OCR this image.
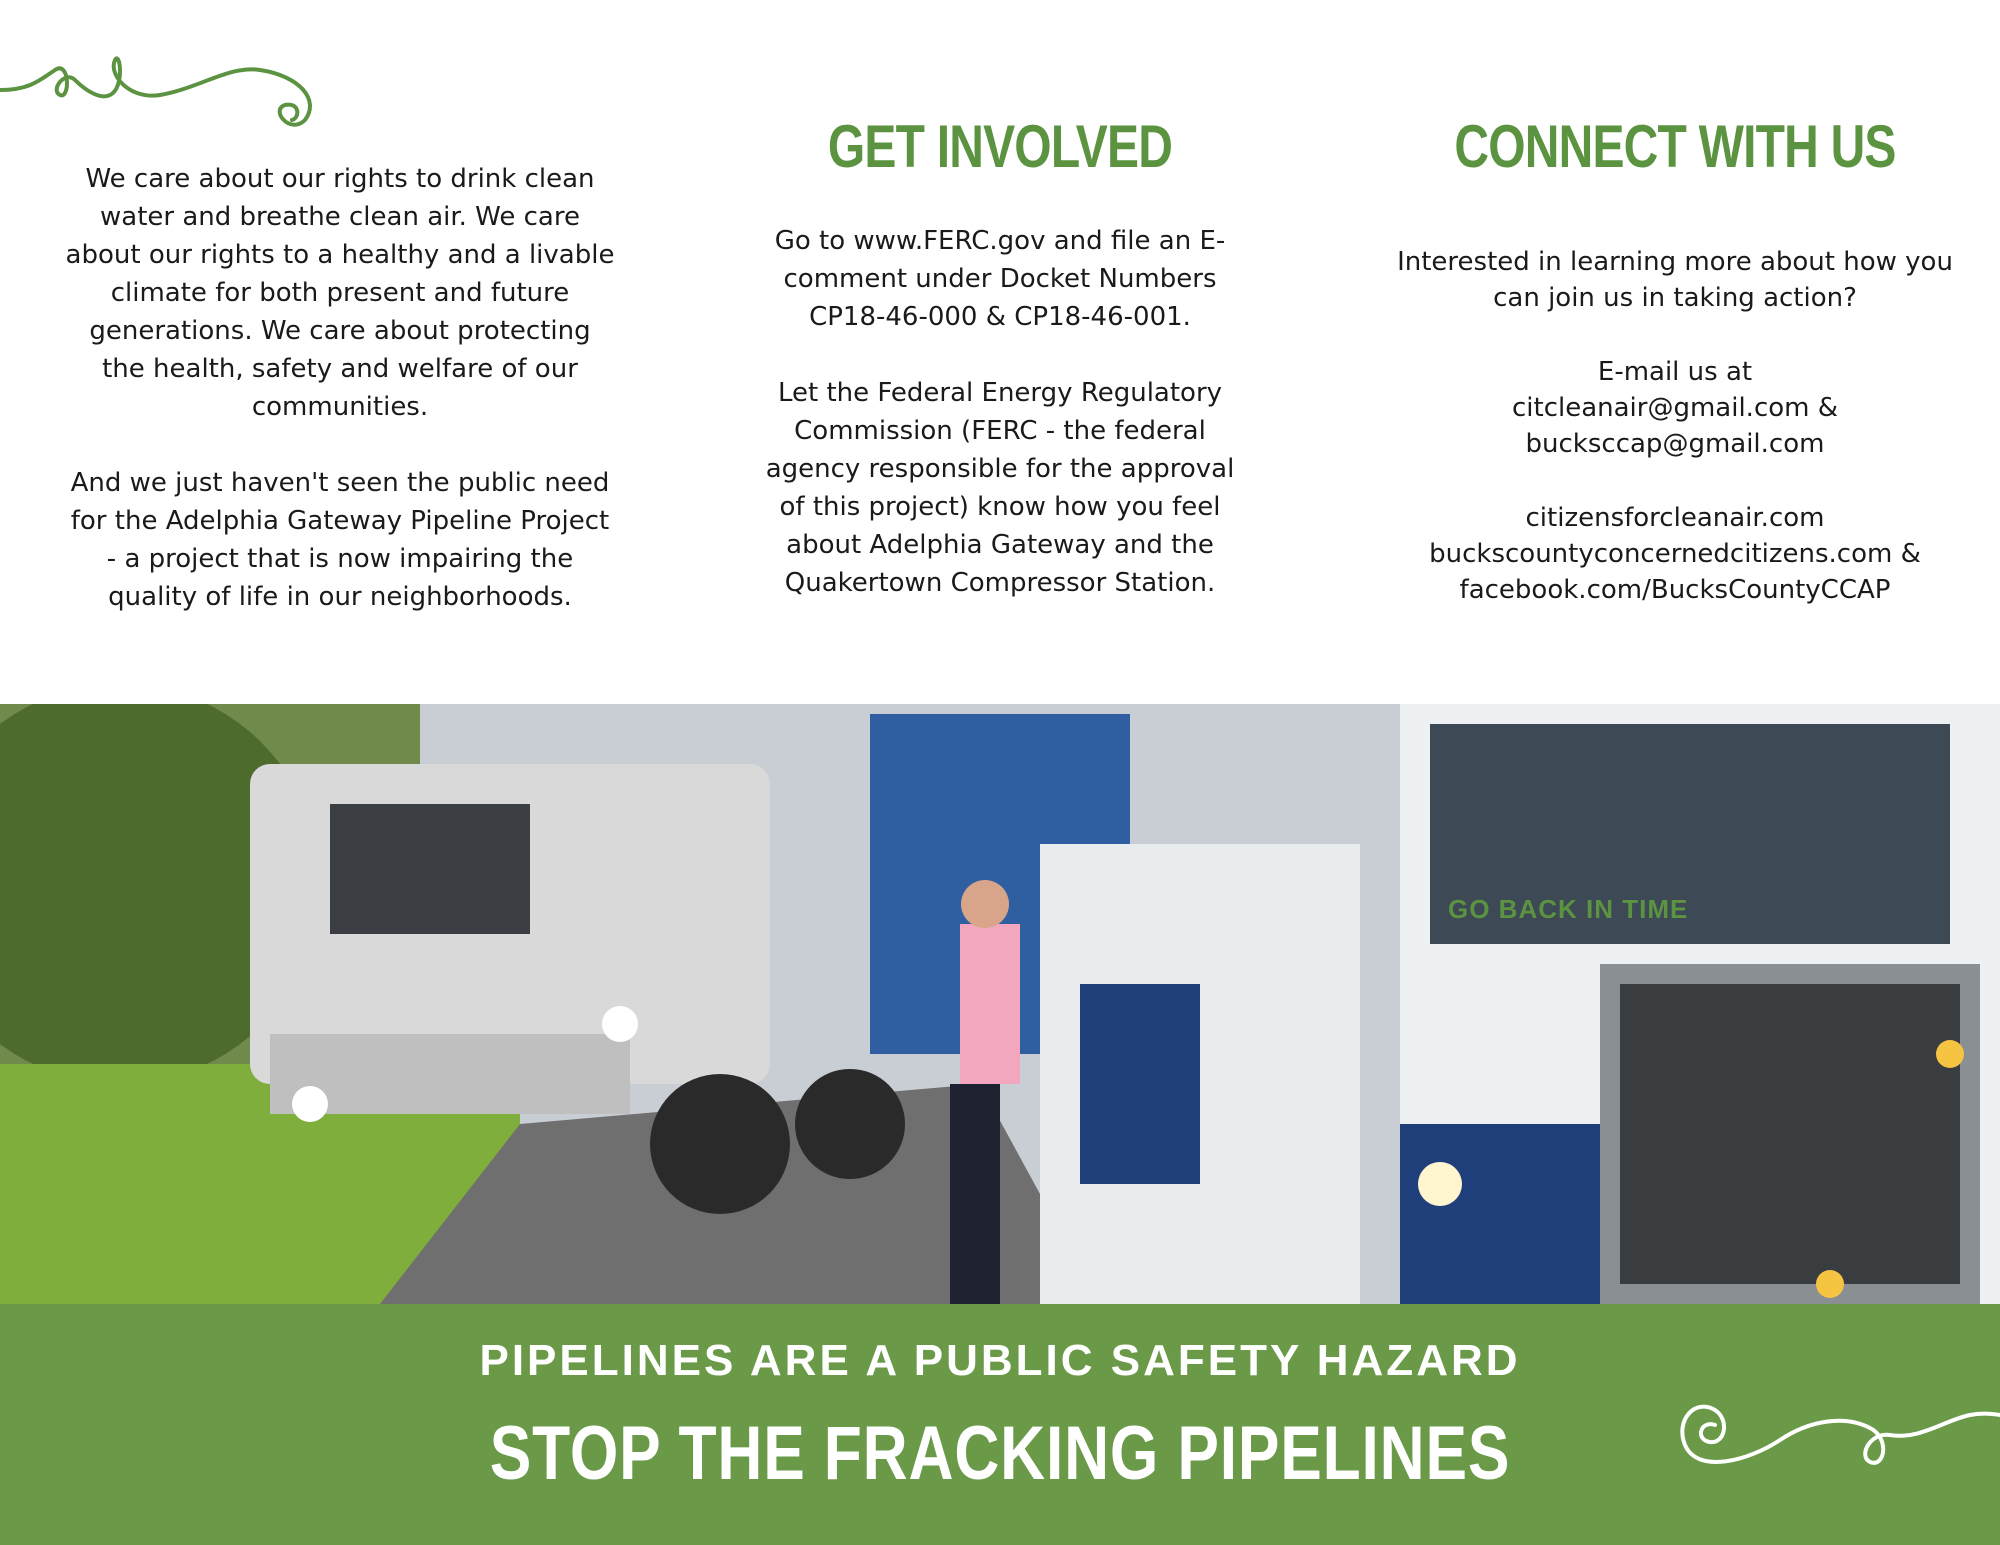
We care about our rights to drink clean
water and breathe clean air. We care
about our rights to a healthy and a livable
climate for both present and future
generations. We care about protecting
the health, safety and welfare of our
communities.

And we just haven't seen the public need
for the Adelphia Gateway Pipeline Project
- a project that is now impairing the
quality of life in our neighborhoods.

GET INVOLVED

Go to www.FERC.gov and file an E-
comment under Docket Numbers
CP18-46-000 & CP18-46-001.

Let the Federal Energy Regulatory
Commission (FERC - the federal
agency responsible for the approval
of this project) know how you feel
about Adelphia Gateway and the
Quakertown Compressor Station.

CONNECT WITH US

Interested in learning more about how you
can join us in taking action?

E-mail us at

citcleanair@gmail.com &
buckscсap@gmail.com

citizensforcleanair.com
buckscountyconcernedcitizens.com &
facebook.com/BucksCountyCCAP

GO BACK IN TIME
PIPELINES ARE A PUBLIC SAFETY HAZARD
STOP THE FRACKING PIPELINES
